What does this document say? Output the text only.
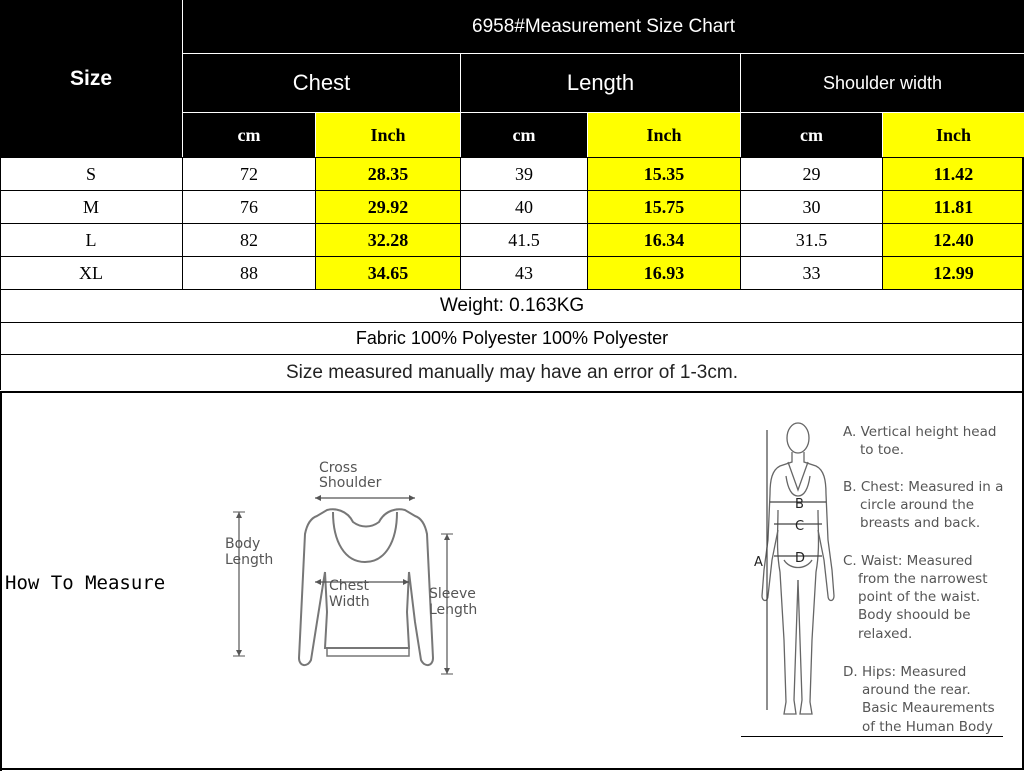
Size
6958#Measurement Size Chart
Chest	Length	Shoulder width
cm	Inch	cm	Inch	cm	Inch
S	72	28.35	39	15.35	29	11.42
M	76	29.92	40	15.75	30	11.81
L	82	32.28	41.5	16.34	31.5	12.40
XL	88	34.65	43	16.93	33	12.99
Weight: 0.163KG
Fabric 100% Polyester 100% Polyester
Size measured manually may have an error of 1-3cm.
How To Measure
Cross
Shoulder
Body
Length
Chest
Width	Sleeve
Length
B
C
D
A
A. Vertical height head
to toe.
B. Chest: Measured in a
circle around the
breasts and back.
C. Waist: Measured
from the narrowest
point of the waist.
Body shoould be
relaxed.
D. Hips: Measured
around the rear.
Basic Meaurements
of the Human Body
